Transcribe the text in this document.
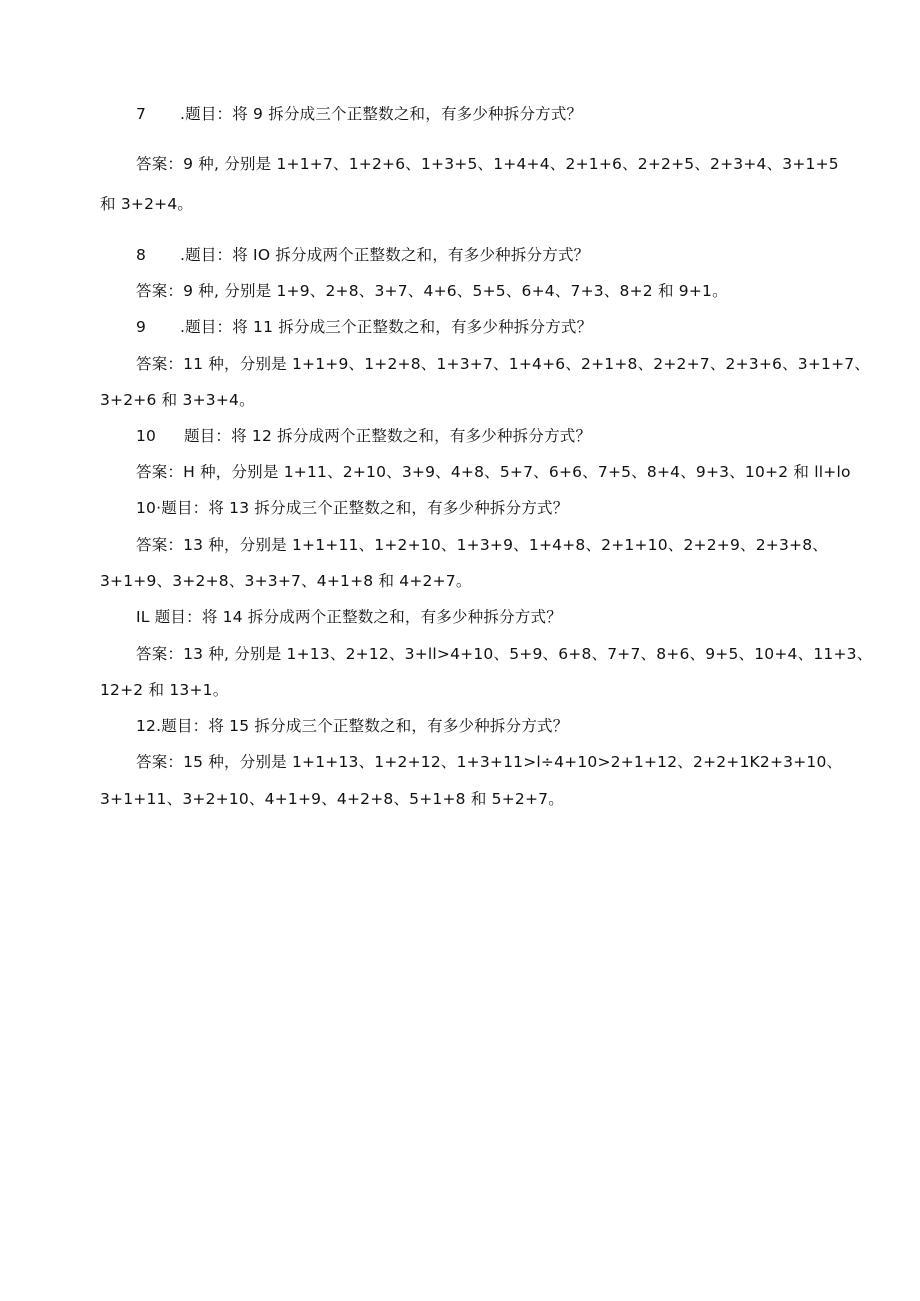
7 .题目：将 9 拆分成三个正整数之和，有多少种拆分方式？
答案：9 种, 分别是 1+1+7、1+2+6、1+3+5、1+4+4、2+1+6、2+2+5、2+3+4、3+1+5
和 3+2+4。
8 .题目：将 IO 拆分成两个正整数之和，有多少种拆分方式？
答案：9 种, 分别是 1+9、2+8、3+7、4+6、5+5、6+4、7+3、8+2 和 9+1。
9 .题目：将 11 拆分成三个正整数之和，有多少种拆分方式？
答案：11 种，分别是 1+1+9、1+2+8、1+3+7、1+4+6、2+1+8、2+2+7、2+3+6、3+1+7、
3+2+6 和 3+3+4。
10 题目：将 12 拆分成两个正整数之和，有多少种拆分方式？
答案：H 种，分别是 1+11、2+10、3+9、4+8、5+7、6+6、7+5、8+4、9+3、10+2 和 ll+lo
10·题目：将 13 拆分成三个正整数之和，有多少种拆分方式？
答案：13 种，分别是 1+1+11、1+2+10、1+3+9、1+4+8、2+1+10、2+2+9、2+3+8、
3+1+9、3+2+8、3+3+7、4+1+8 和 4+2+7。
IL 题目：将 14 拆分成两个正整数之和，有多少种拆分方式？
答案：13 种, 分别是 1+13、2+12、3+ll>4+10、5+9、6+8、7+7、8+6、9+5、10+4、11+3、
12+2 和 13+1。
12.题目：将 15 拆分成三个正整数之和，有多少种拆分方式？
答案：15 种，分别是 1+1+13、1+2+12、1+3+11>l÷4+10>2+1+12、2+2+1K2+3+10、
3+1+11、3+2+10、4+1+9、4+2+8、5+1+8 和 5+2+7。
